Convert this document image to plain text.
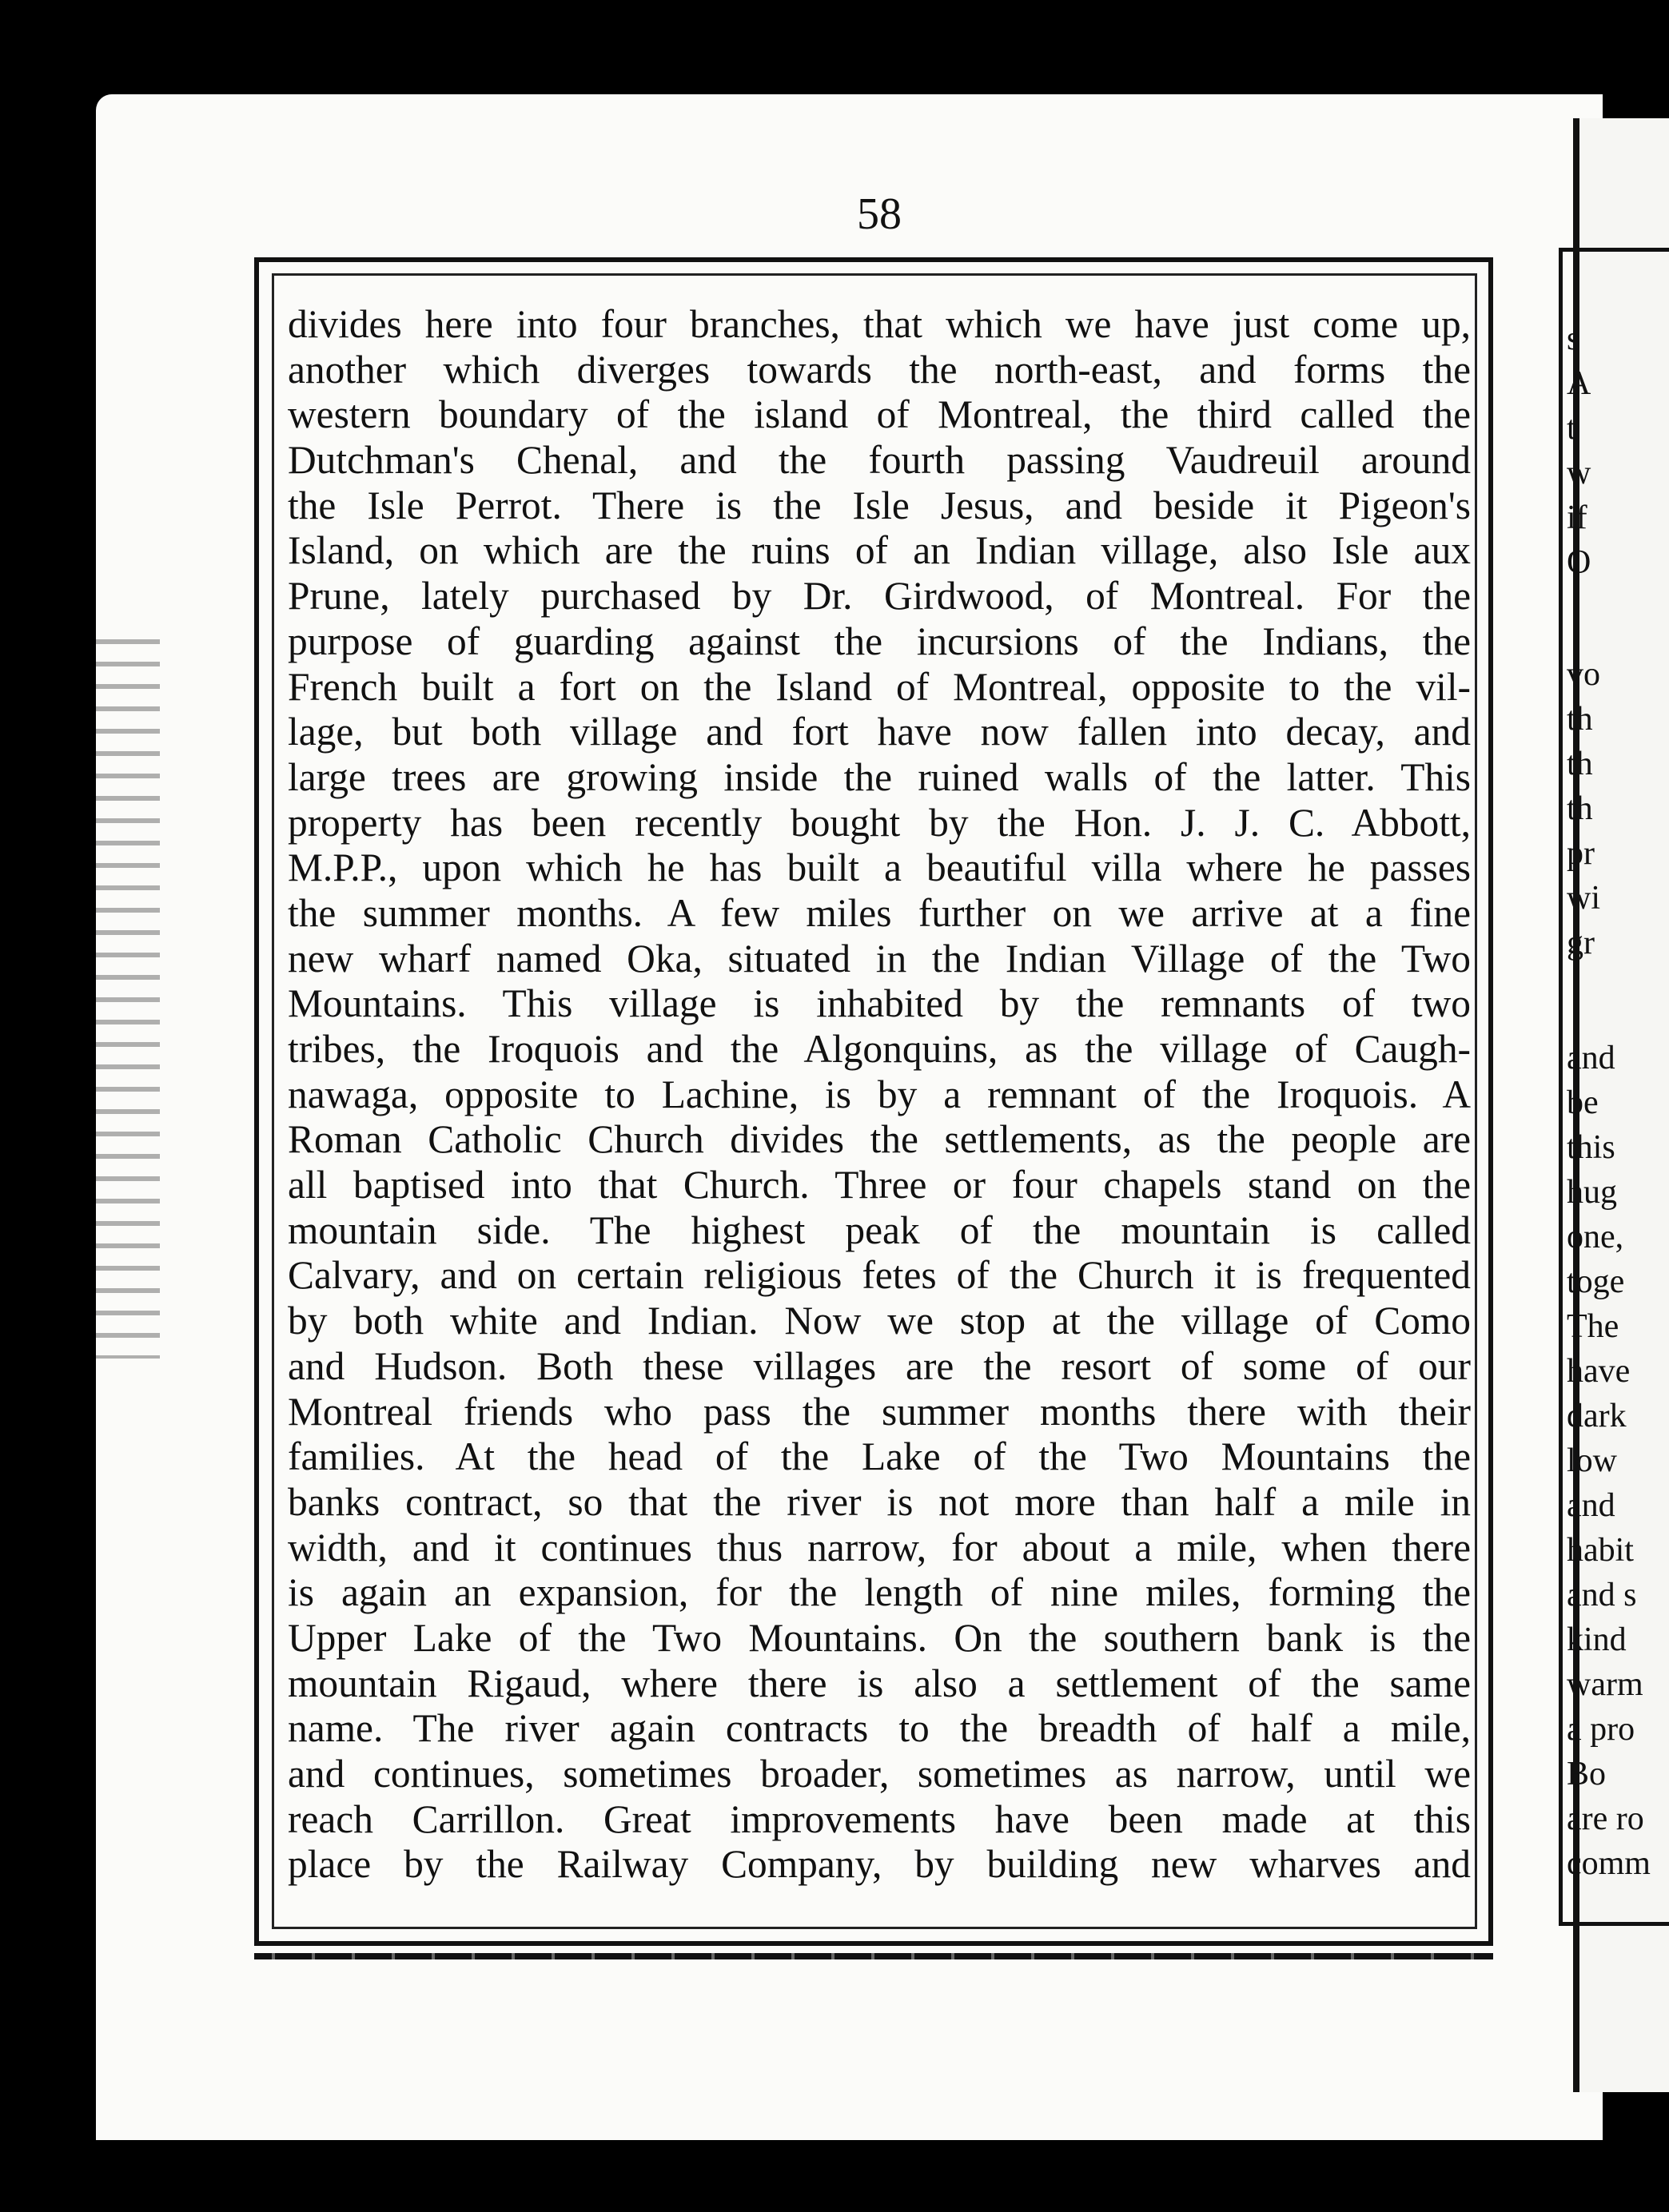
s
A
t
w
if
O
vo
th
th
th
pr
wi
gr
and
be
this
hug
one,
toge
The
have
dark
low
and
habit
and s
kind
warm
a pro
Bo
are ro
comm
58
divides here into four branches, that which we have just come up,
another which diverges towards the north-east, and forms the
western boundary of the island of Montreal, the third called the
Dutchman's Chenal, and the fourth passing Vaudreuil around
the Isle Perrot. There is the Isle Jesus, and beside it Pigeon's
Island, on which are the ruins of an Indian village, also Isle aux
Prune, lately purchased by Dr. Girdwood, of Montreal. For the
purpose of guarding against the incursions of the Indians, the
French built a fort on the Island of Montreal, opposite to the vil-
lage, but both village and fort have now fallen into decay, and
large trees are growing inside the ruined walls of the latter. This
property has been recently bought by the Hon. J. J. C. Abbott,
M.P.P., upon which he has built a beautiful villa where he passes
the summer months. A few miles further on we arrive at a fine
new wharf named Oka, situated in the Indian Village of the Two
Mountains. This village is inhabited by the remnants of two
tribes, the Iroquois and the Algonquins, as the village of Caugh-
nawaga, opposite to Lachine, is by a remnant of the Iroquois. A
Roman Catholic Church divides the settlements, as the people are
all baptised into that Church. Three or four chapels stand on the
mountain side. The highest peak of the mountain is called
Calvary, and on certain religious fetes of the Church it is frequented
by both white and Indian. Now we stop at the village of Como
and Hudson. Both these villages are the resort of some of our
Montreal friends who pass the summer months there with their
families. At the head of the Lake of the Two Mountains the
banks contract, so that the river is not more than half a mile in
width, and it continues thus narrow, for about a mile, when there
is again an expansion, for the length of nine miles, forming the
Upper Lake of the Two Mountains. On the southern bank is the
mountain Rigaud, where there is also a settlement of the same
name. The river again contracts to the breadth of half a mile,
and continues, sometimes broader, sometimes as narrow, until we
reach Carrillon. Great improvements have been made at this
place by the Railway Company, by building new wharves and
